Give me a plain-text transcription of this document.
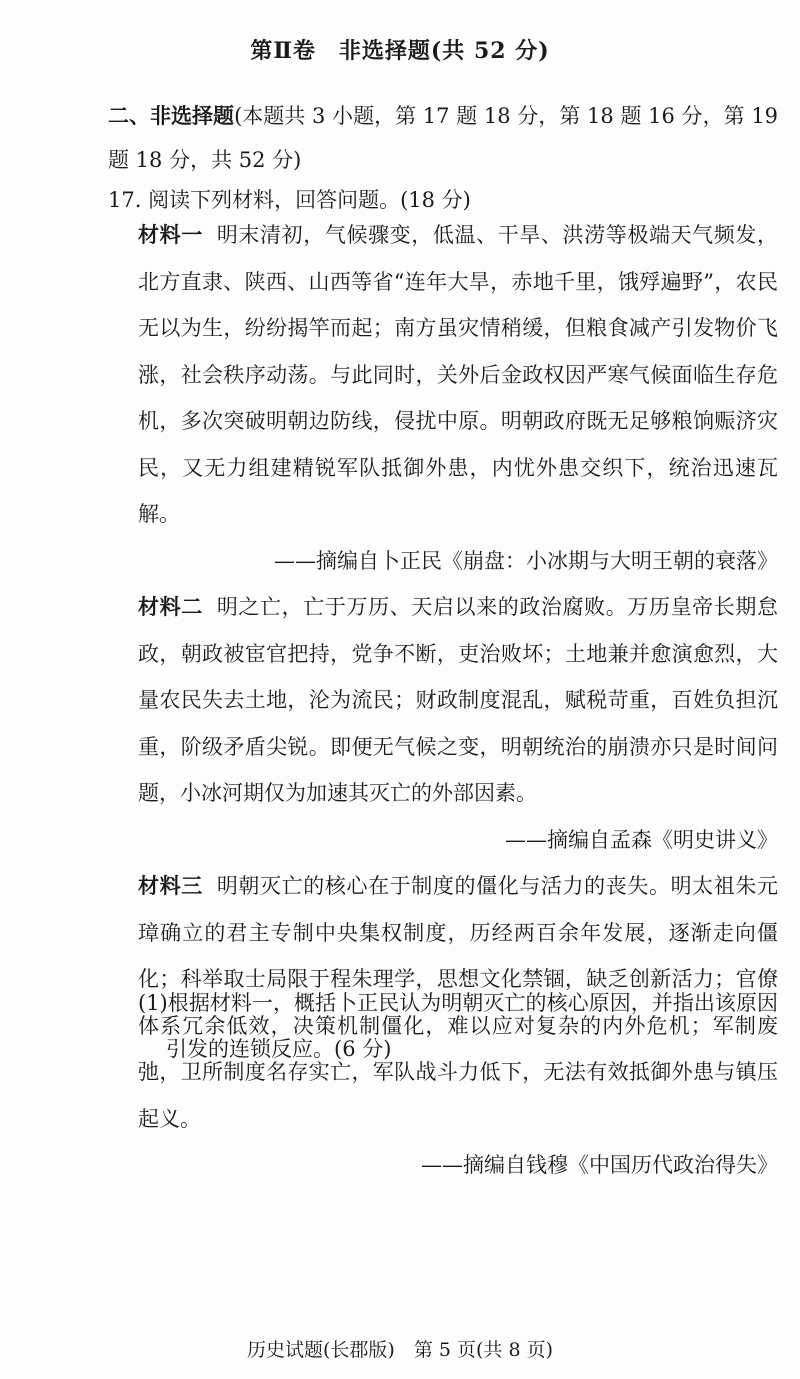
第Ⅱ卷　非选择题(共 52 分)
二、非选择题(本题共 3 小题，第 17 题 18 分，第 18 题 16 分，第 19 题 18 分，共 52 分)
17. 阅读下列材料，回答问题。(18 分)

材料一 明末清初，气候骤变，低温、干旱、洪涝等极端天气频发，北方直隶、陕西、山西等省“连年大旱，赤地千里，饿殍遍野”，农民无以为生，纷纷揭竿而起；南方虽灾情稍缓，但粮食减产引发物价飞涨，社会秩序动荡。与此同时，关外后金政权因严寒气候面临生存危机，多次突破明朝边防线，侵扰中原。明朝政府既无足够粮饷赈济灾民，又无力组建精锐军队抵御外患，内忧外患交织下，统治迅速瓦解。

——摘编自卜正民《崩盘：小冰期与大明王朝的衰落》

材料二 明之亡，亡于万历、天启以来的政治腐败。万历皇帝长期怠政，朝政被宦官把持，党争不断，吏治败坏；土地兼并愈演愈烈，大量农民失去土地，沦为流民；财政制度混乱，赋税苛重，百姓负担沉重，阶级矛盾尖锐。即便无气候之变，明朝统治的崩溃亦只是时间问题，小冰河期仅为加速其灭亡的外部因素。

——摘编自孟森《明史讲义》

材料三 明朝灭亡的核心在于制度的僵化与活力的丧失。明太祖朱元璋确立的君主专制中央集权制度，历经两百余年发展，逐渐走向僵化；科举取士局限于程朱理学，思想文化禁锢，缺乏创新活力；官僚体系冗余低效，决策机制僵化，难以应对复杂的内外危机；军制废弛，卫所制度名存实亡，军队战斗力低下，无法有效抵御外患与镇压起义。

——摘编自钱穆《中国历代政治得失》

(1)根据材料一，概括卜正民认为明朝灭亡的核心原因，并指出该原因引发的连锁反应。(6 分)
历史试题(长郡版)　第 5 页(共 8 页)
